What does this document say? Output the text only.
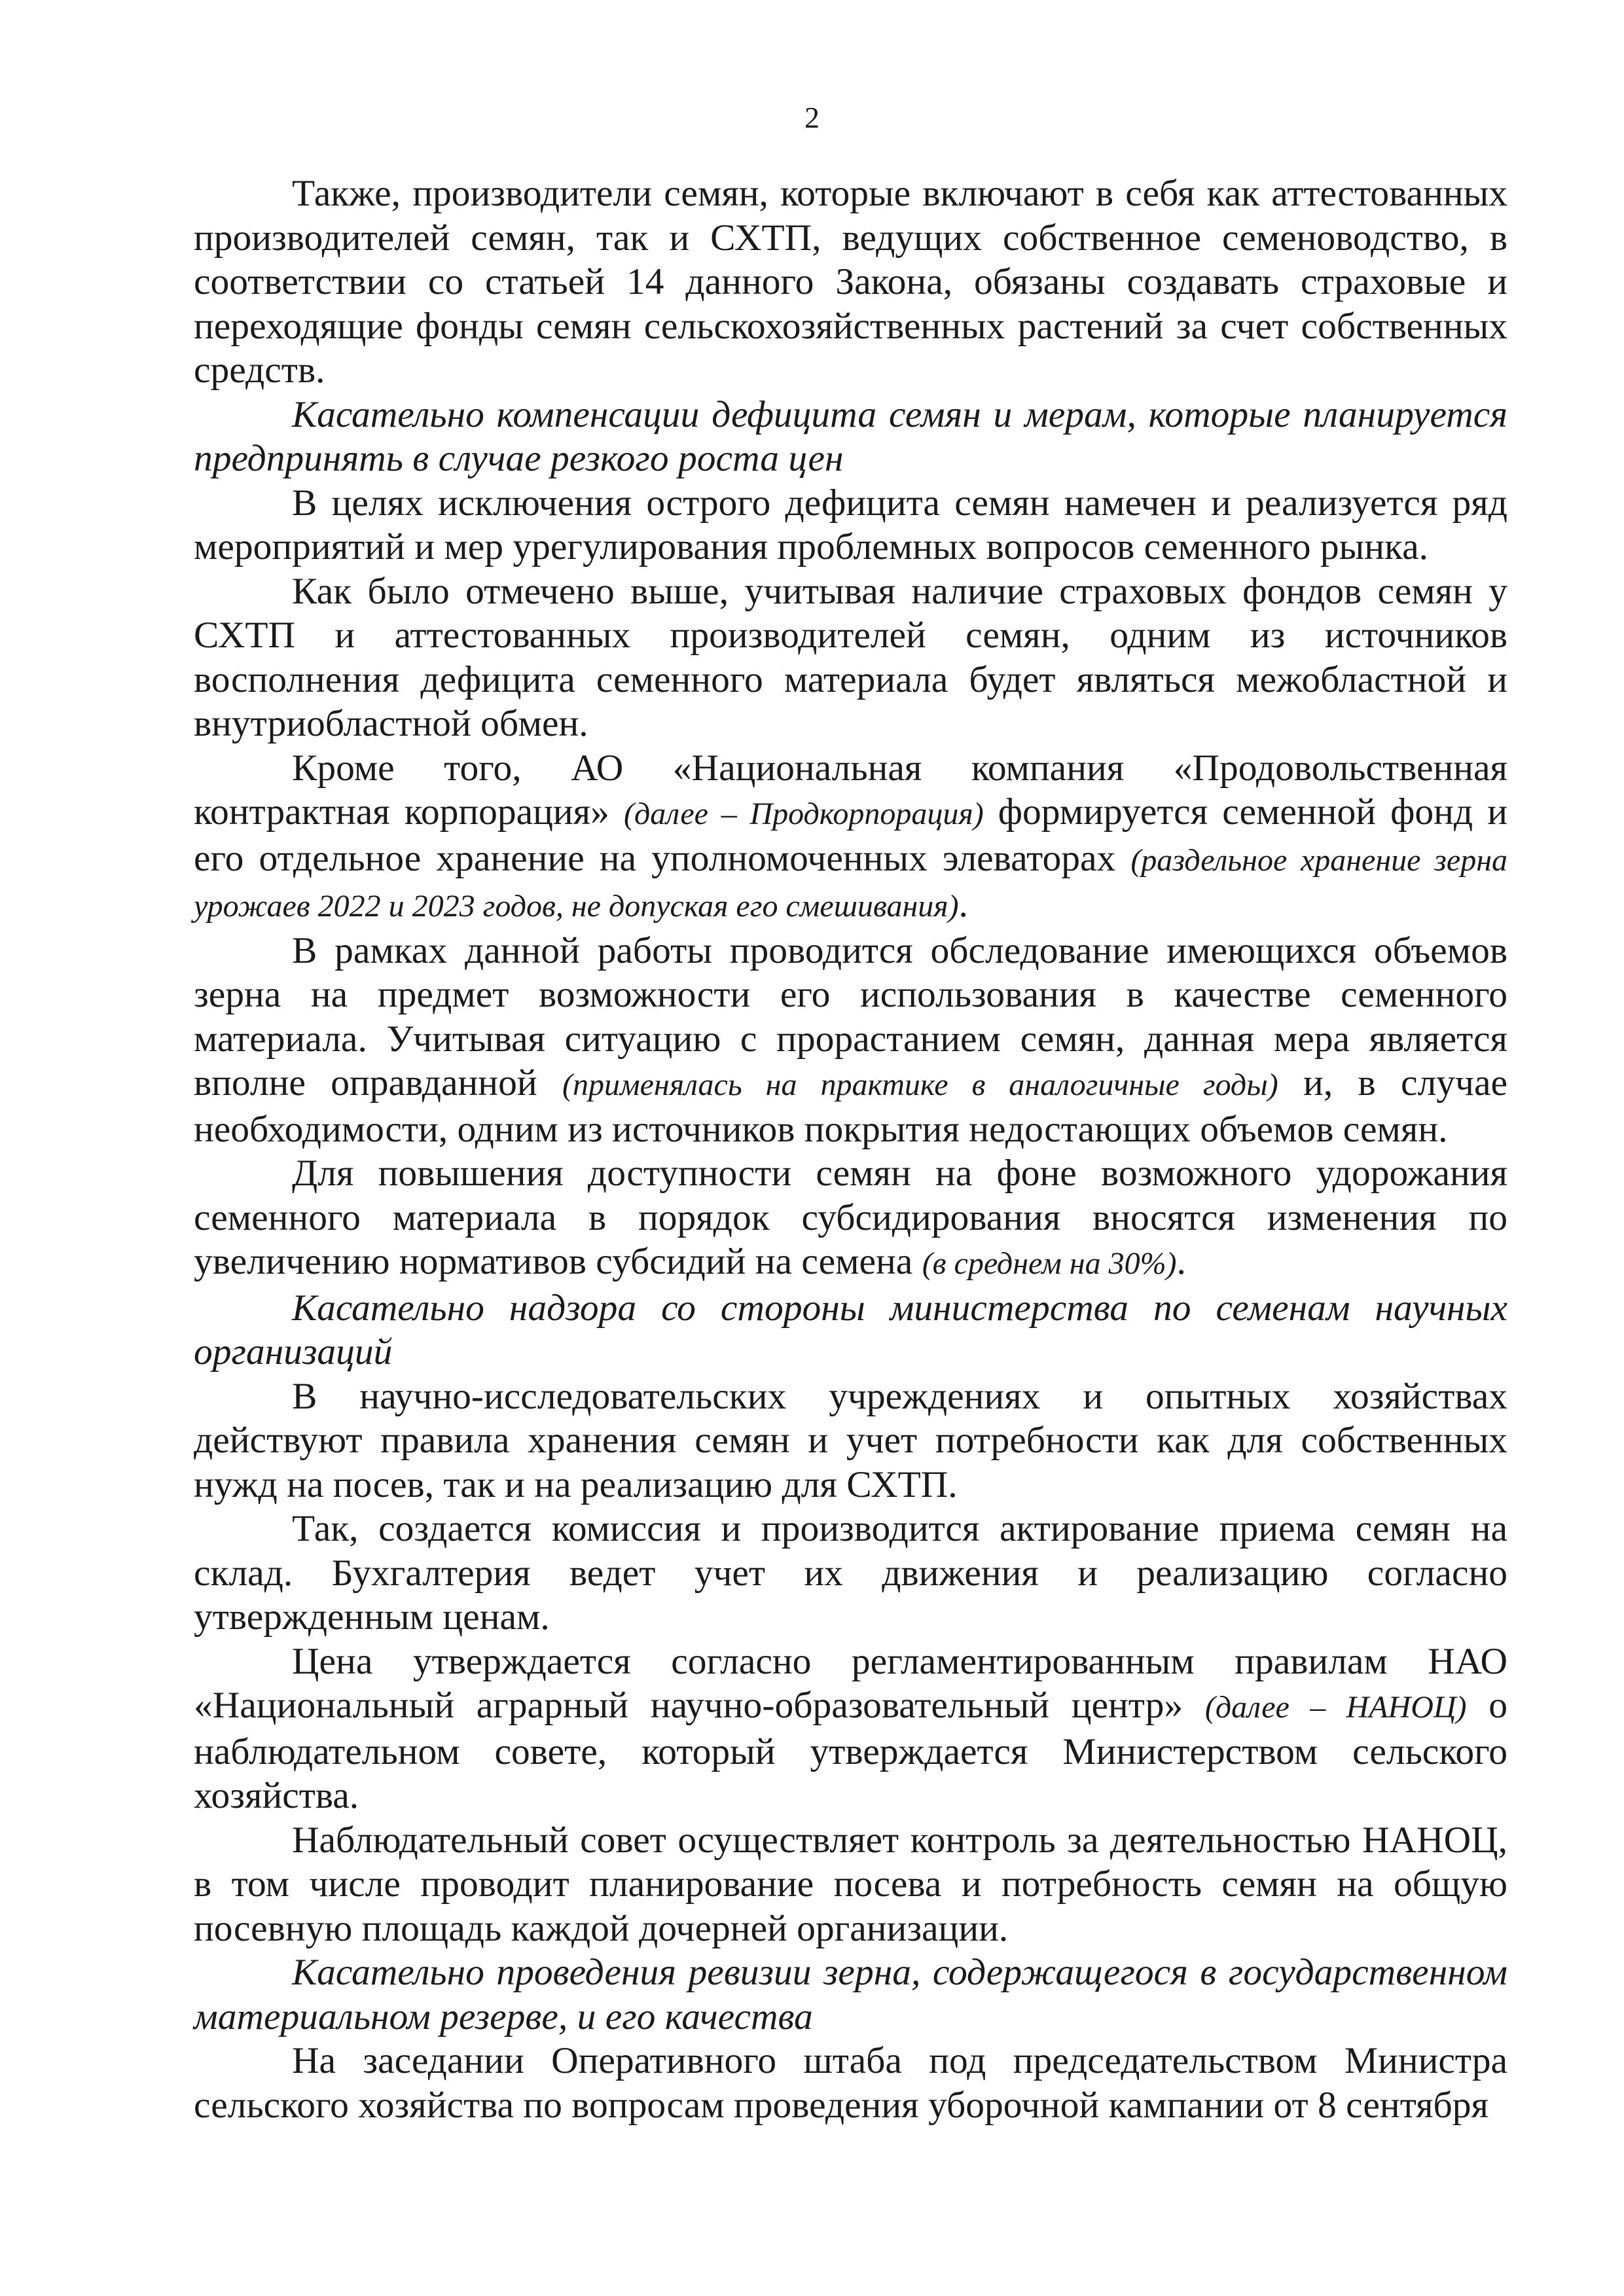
2

Также, производители семян, которые включают в себя как аттестованных производителей семян, так и СХТП, ведущих собственное семеноводство, в соответствии со статьей 14 данного Закона, обязаны создавать страховые и переходящие фонды семян сельскохозяйственных растений за счет собственных средств.

Касательно компенсации дефицита семян и мерам, которые планируется предпринять в случае резкого роста цен

В целях исключения острого дефицита семян намечен и реализуется ряд мероприятий и мер урегулирования проблемных вопросов семенного рынка.

Как было отмечено выше, учитывая наличие страховых фондов семян у СХТП и аттестованных производителей семян, одним из источников восполнения дефицита семенного материала будет являться межобластной и внутриобластной обмен.

Кроме того, АО «Национальная компания «Продовольственная контрактная корпорация» (далее – Продкорпорация) формируется семенной фонд и его отдельное хранение на уполномоченных элеваторах (раздельное хранение зерна урожаев 2022 и 2023 годов, не допуская его смешивания).

В рамках данной работы проводится обследование имеющихся объемов зерна на предмет возможности его использования в качестве семенного материала. Учитывая ситуацию с прорастанием семян, данная мера является вполне оправданной (применялась на практике в аналогичные годы) и, в случае необходимости, одним из источников покрытия недостающих объемов семян.

Для повышения доступности семян на фоне возможного удорожания семенного материала в порядок субсидирования вносятся изменения по увеличению нормативов субсидий на семена (в среднем на 30%).

Касательно надзора со стороны министерства по семенам научных организаций

В научно-исследовательских учреждениях и опытных хозяйствах действуют правила хранения семян и учет потребности как для собственных нужд на посев, так и на реализацию для СХТП.

Так, создается комиссия и производится актирование приема семян на склад. Бухгалтерия ведет учет их движения и реализацию согласно утвержденным ценам.

Цена утверждается согласно регламентированным правилам НАО «Национальный аграрный научно-образовательный центр» (далее – НАНОЦ) о наблюдательном совете, который утверждается Министерством сельского хозяйства.

Наблюдательный совет осуществляет контроль за деятельностью НАНОЦ, в том числе проводит планирование посева и потребность семян на общую посевную площадь каждой дочерней организации.

Касательно проведения ревизии зерна, содержащегося в государственном материальном резерве, и его качества

На заседании Оперативного штаба под председательством Министра сельского хозяйства по вопросам проведения уборочной кампании от 8 сентября
